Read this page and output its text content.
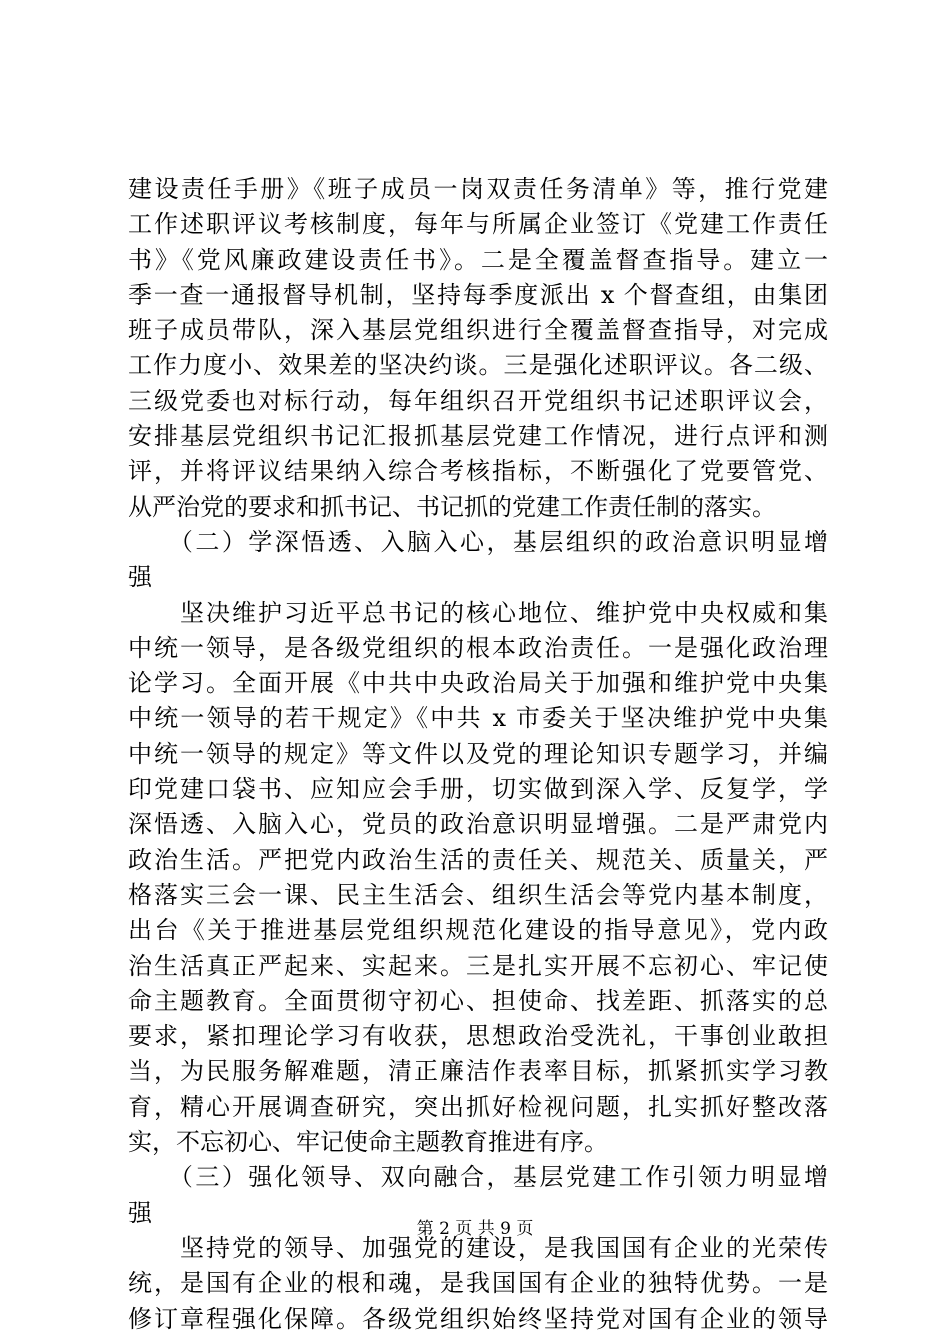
建设责任手册》《班子成员一岗双责任务清单》等，推行党建
工作述职评议考核制度，每年与所属企业签订《党建工作责任
书》《党风廉政建设责任书》。二是全覆盖督查指导。建立一
季一查一通报督导机制，坚持每季度派出 x 个督查组，由集团
班子成员带队，深入基层党组织进行全覆盖督查指导，对完成
工作力度小、效果差的坚决约谈。三是强化述职评议。各二级、
三级党委也对标行动，每年组织召开党组织书记述职评议会，
安排基层党组织书记汇报抓基层党建工作情况，进行点评和测
评，并将评议结果纳入综合考核指标，不断强化了党要管党、
从严治党的要求和抓书记、书记抓的党建工作责任制的落实。
　　（二）学深悟透、入脑入心，基层组织的政治意识明显增
强
　　坚决维护习近平总书记的核心地位、维护党中央权威和集
中统一领导，是各级党组织的根本政治责任。一是强化政治理
论学习。全面开展《中共中央政治局关于加强和维护党中央集
中统一领导的若干规定》《中共 x 市委关于坚决维护党中央集
中统一领导的规定》等文件以及党的理论知识专题学习，并编
印党建口袋书、应知应会手册，切实做到深入学、反复学，学
深悟透、入脑入心，党员的政治意识明显增强。二是严肃党内
政治生活。严把党内政治生活的责任关、规范关、质量关，严
格落实三会一课、民主生活会、组织生活会等党内基本制度，
出台《关于推进基层党组织规范化建设的指导意见》，党内政
治生活真正严起来、实起来。三是扎实开展不忘初心、牢记使
命主题教育。全面贯彻守初心、担使命、找差距、抓落实的总
要求，紧扣理论学习有收获，思想政治受洗礼，干事创业敢担
当，为民服务解难题，清正廉洁作表率目标，抓紧抓实学习教
育，精心开展调查研究，突出抓好检视问题，扎实抓好整改落
实，不忘初心、牢记使命主题教育推进有序。
　　（三）强化领导、双向融合，基层党建工作引领力明显增
强
　　坚持党的领导、加强党的建设，是我国国有企业的光荣传
统，是国有企业的根和魂，是我国国有企业的独特优势。一是
修订章程强化保障。各级党组织始终坚持党对国有企业的领导
第 2 页 共 9 页
